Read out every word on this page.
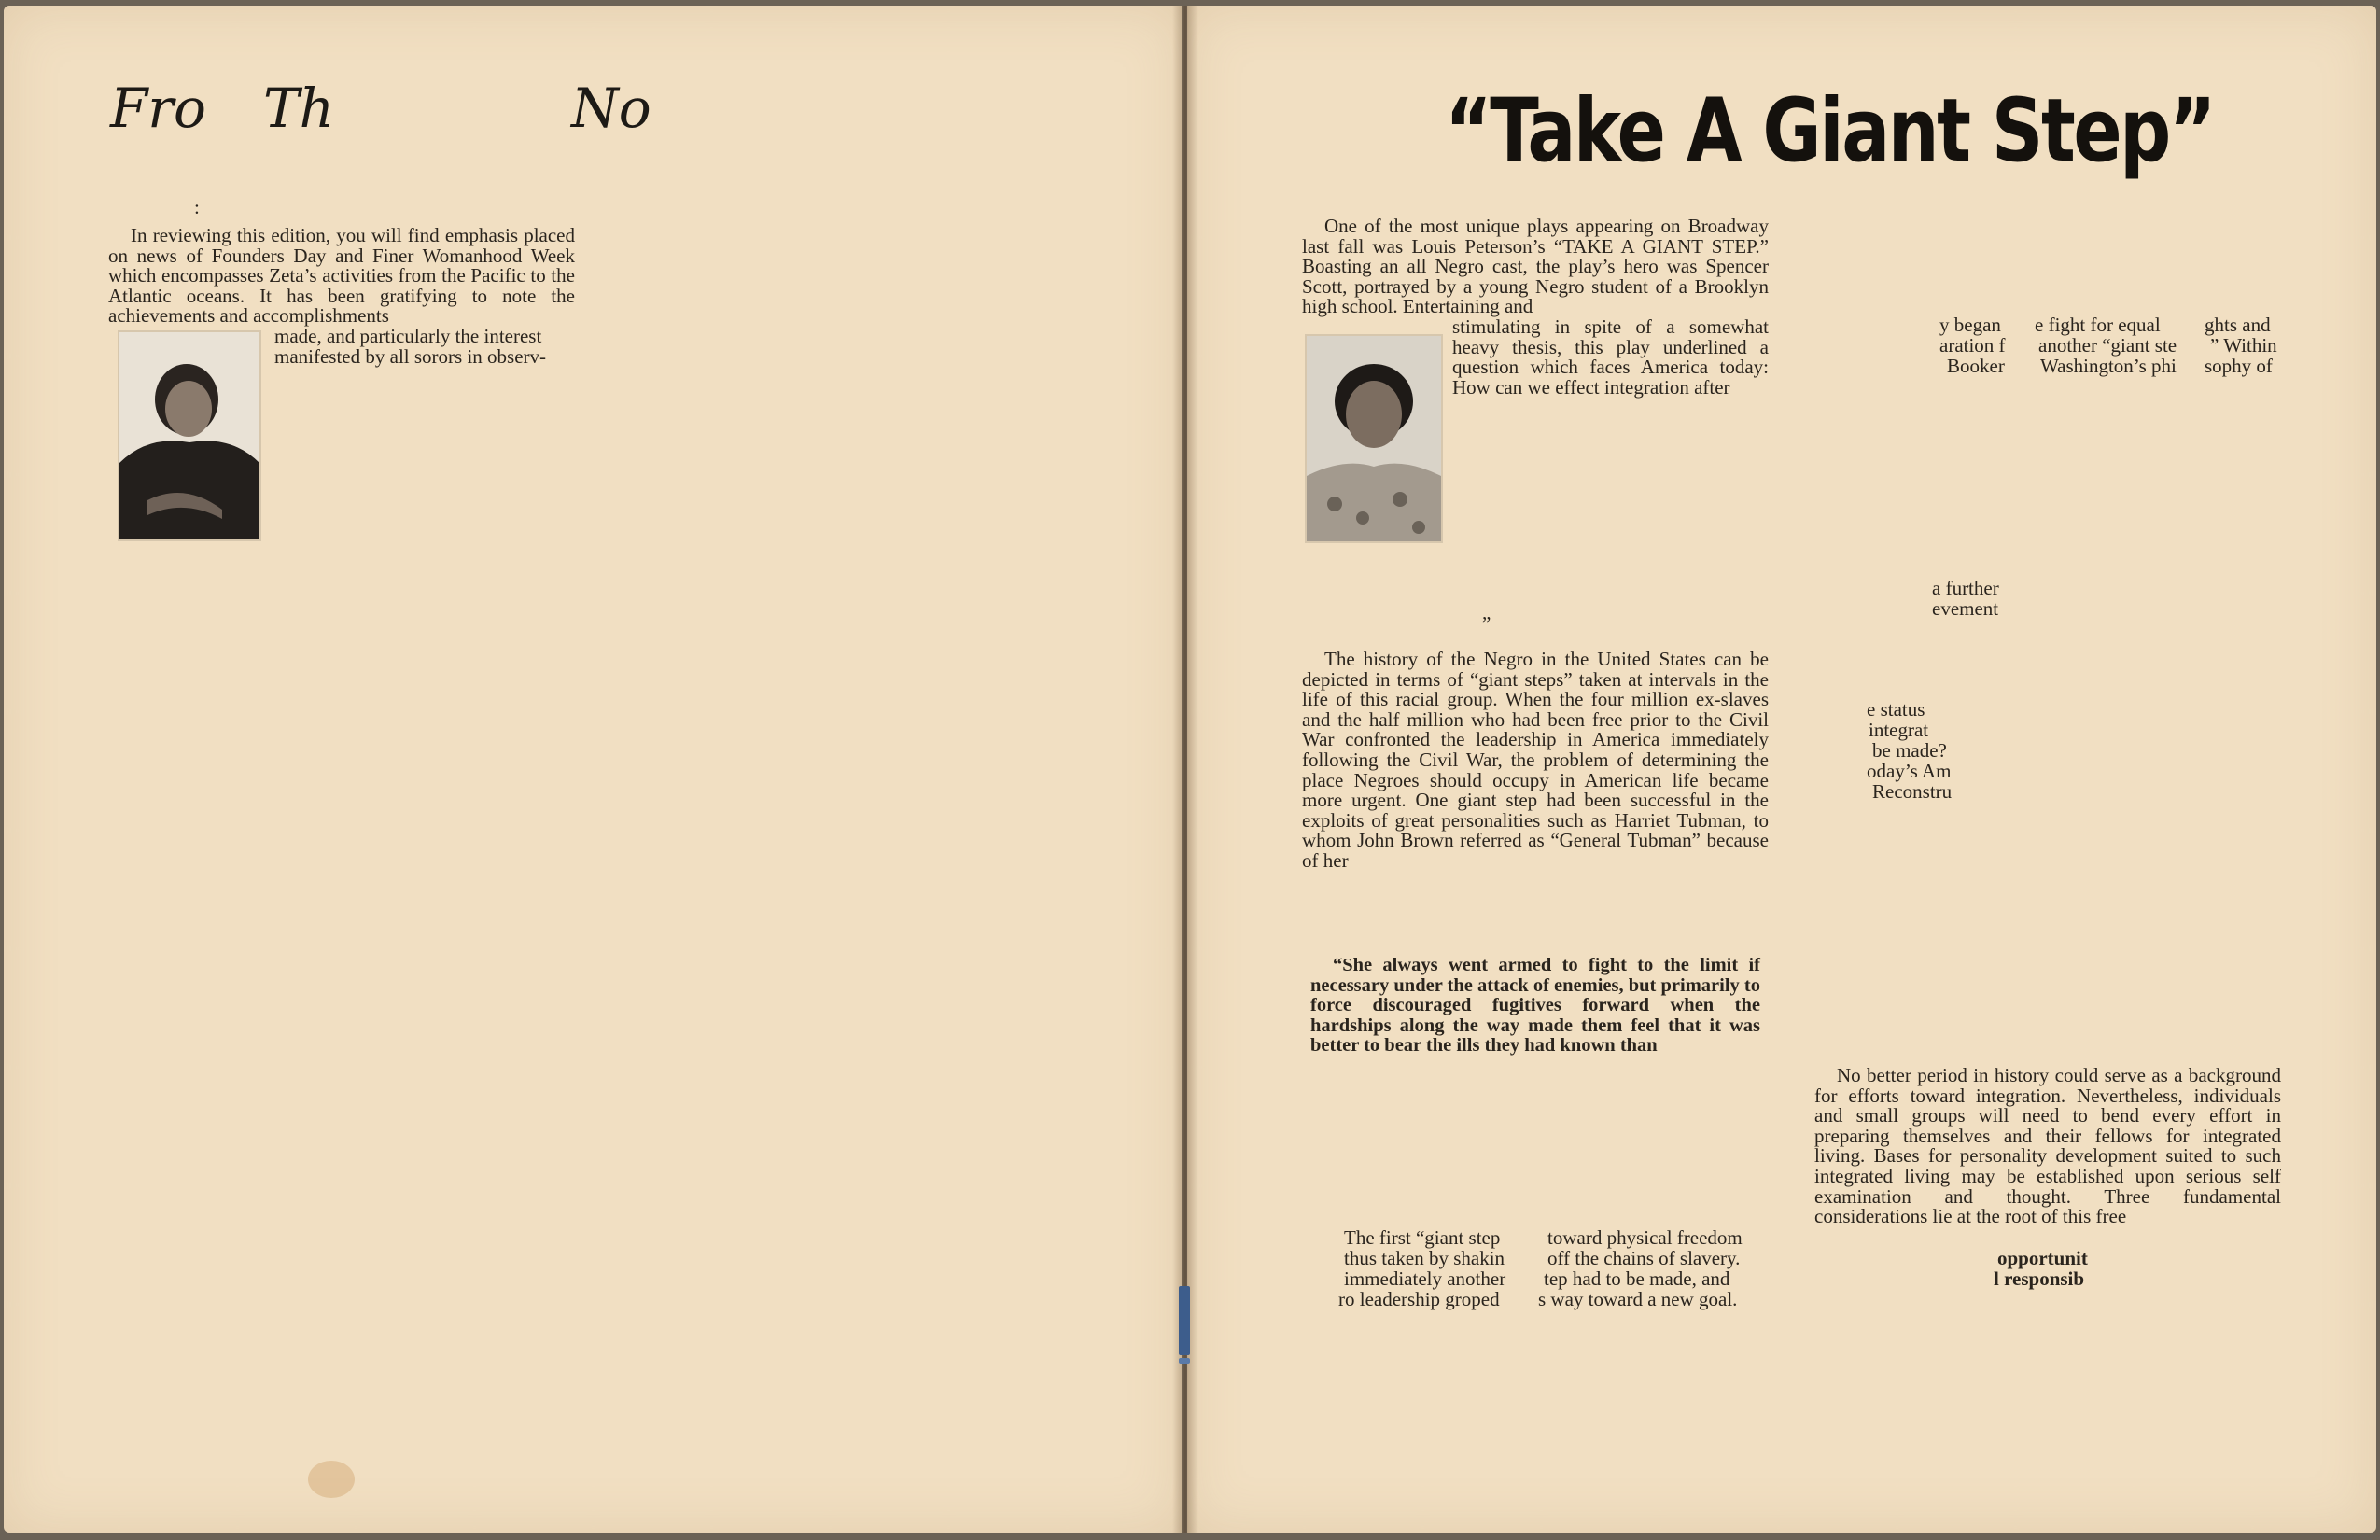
Fro Th	No
:

In reviewing this edition, you will find emphasis placed on news of Founders Day and Finer Womanhood Week which encompasses Zeta’s activities from the Pacific to the Atlantic oceans. It has been gratifying to note the achievements and accomplishments

made, and particularly the interest

manifested by all sorors in observ-

“Take A Giant Step”

One of the most unique plays appearing on Broadway last fall was Louis Peterson’s “TAKE A GIANT STEP.” Boasting an all Negro cast, the play’s hero was Spencer Scott, portrayed by a young Negro student of a Brooklyn high school. Entertaining and

stimulating in spite of a somewhat heavy thesis, this play underlined a question which faces America today: How can we effect integration after

”

The history of the Negro in the United States can be depicted in terms of “giant steps” taken at intervals in the life of this racial group. When the four million ex-slaves and the half million who had been free prior to the Civil War confronted the leadership in America immediately following the Civil War, the problem of determining the place Negroes should occupy in American life became more urgent. One giant step had been successful in the exploits of great personalities such as Harriet Tubman, to whom John Brown referred as “General Tubman” because of her

“She always went armed to fight to the limit if necessary under the attack of enemies, but primarily to force discouraged fugitives forward when the hardships along the way made them feel that it was better to bear the ills they had known than
The first “giant step toward physical freedom
thus taken by shakin off the chains of slavery.
immediately another tep had to be made, and
ro leadership groped s way toward a new goal.
y began e fight for equal ghts and
aration f another “giant ste ” Within
Booker Washington’s phi sophy of
a further
evement
e status
integrat
be made?
oday’s Am
Reconstru

No better period in history could serve as a background for efforts toward integration. Nevertheless, individuals and small groups will need to bend every effort in preparing themselves and their fellows for integrated living. Bases for personality development suited to such integrated living may be established upon serious self examination and thought. Three fundamental considerations lie at the root of this free

opportunit
l responsib
